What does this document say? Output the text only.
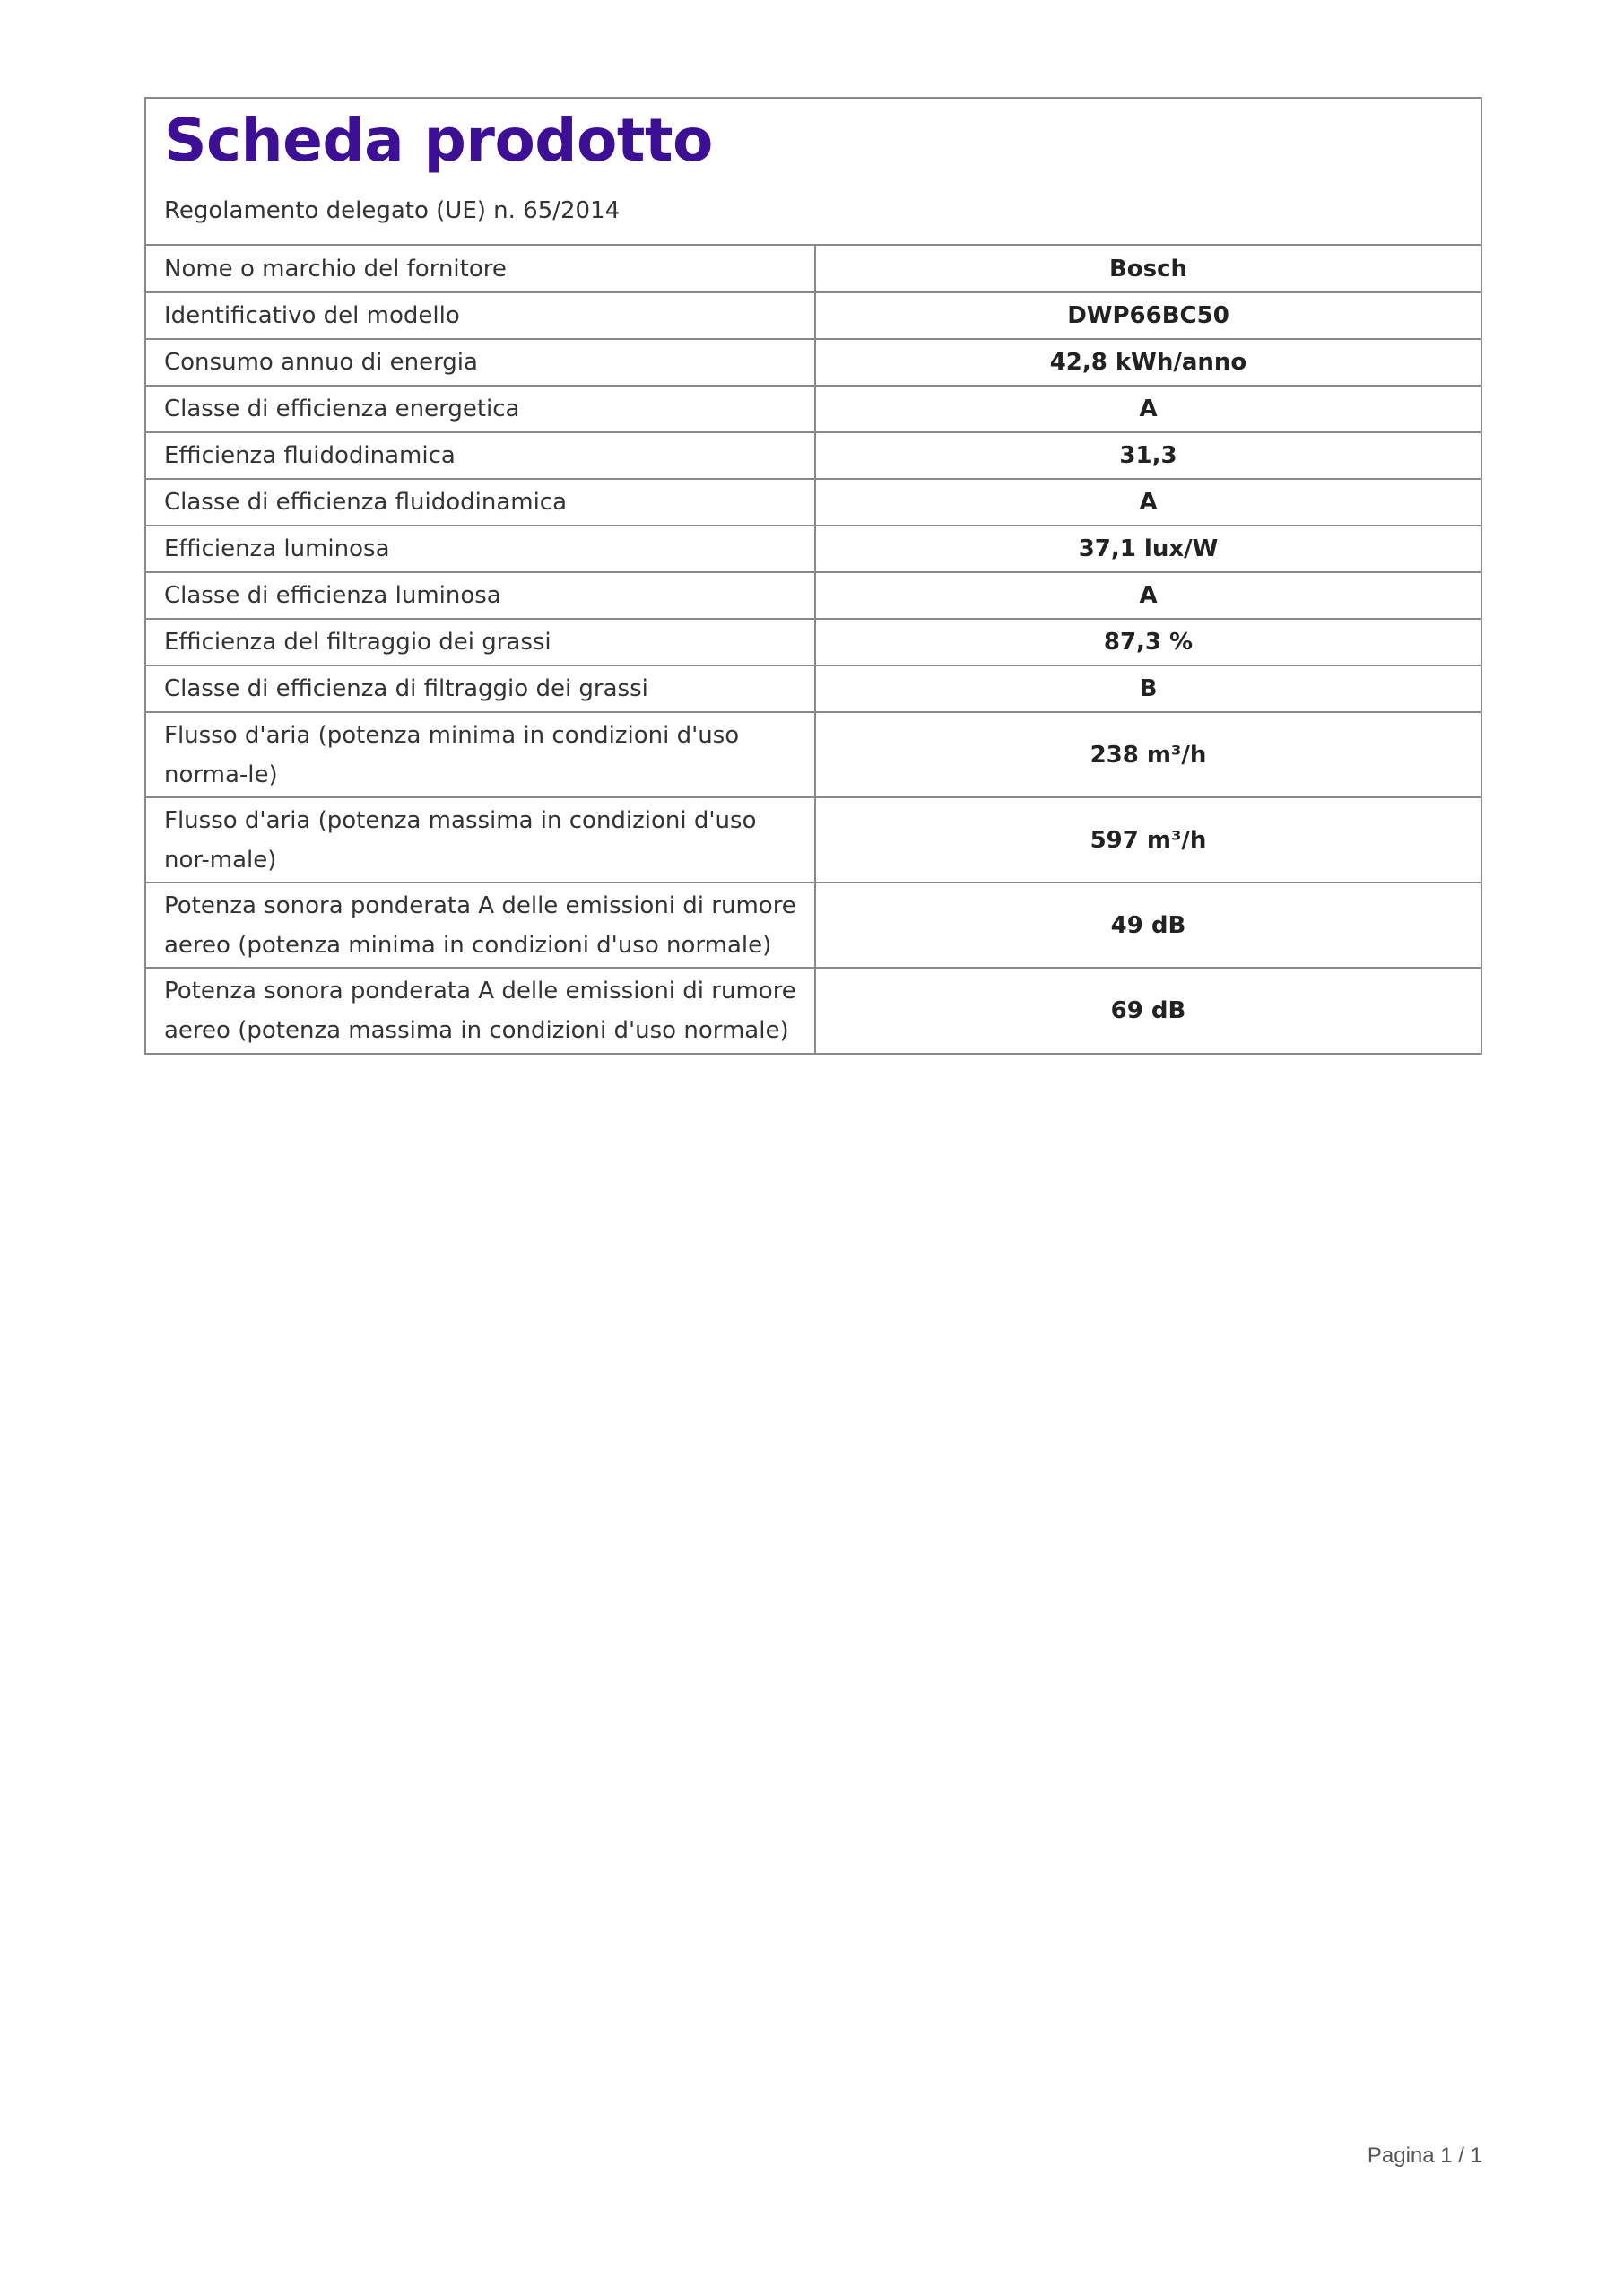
Scheda prodotto
Regolamento delegato (UE) n. 65/2014
Nome o marchio del fornitore	Bosch
Identificativo del modello	DWP66BC50
Consumo annuo di energia	42,8 kWh/anno
Classe di efficienza energetica	A
Efficienza fluidodinamica	31,3
Classe di efficienza fluidodinamica	A
Efficienza luminosa	37,1 lux/W
Classe di efficienza luminosa	A
Efficienza del filtraggio dei grassi	87,3 %
Classe di efficienza di filtraggio dei grassi	B
Flusso d'aria (potenza minima in condizioni d'uso norma-le)	238 m³/h
Flusso d'aria (potenza massima in condizioni d'uso nor-male)	597 m³/h
Potenza sonora ponderata A delle emissioni di rumore aereo (potenza minima in condizioni d'uso normale)	49 dB
Potenza sonora ponderata A delle emissioni di rumore aereo (potenza massima in condizioni d'uso normale)	69 dB
Pagina 1 / 1
